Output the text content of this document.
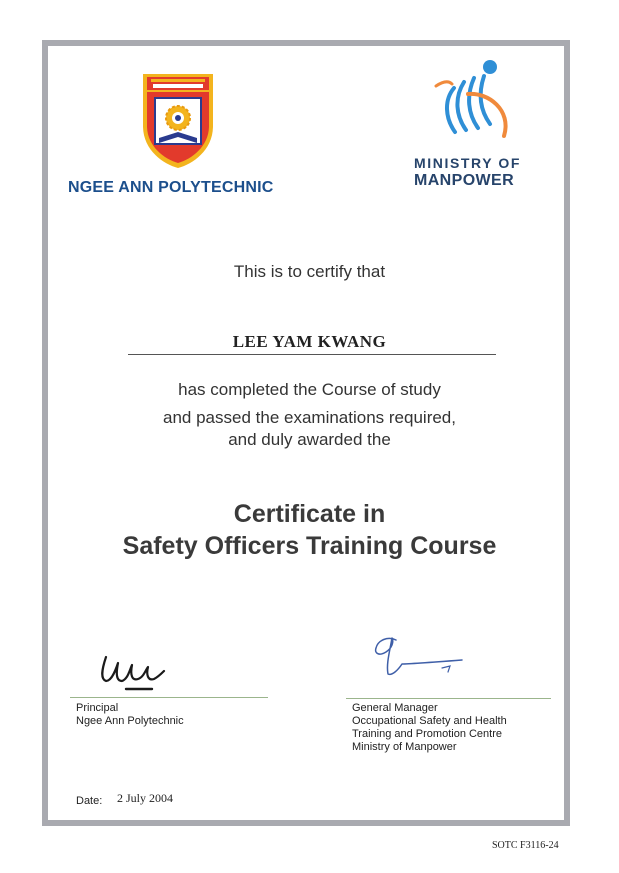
NGEE ANN POLYTECHNIC
MINISTRY OF
MANPOWER
This is to certify that
LEE YAM KWANG
has completed the Course of study
and passed the examinations required,
and duly awarded the
Certificate in
Safety Officers Training Course
Principal
Ngee Ann Polytechnic
General Manager
Occupational Safety and Health
Training and Promotion Centre
Ministry of Manpower
Date: 2 July 2004
SOTC F3116-24
